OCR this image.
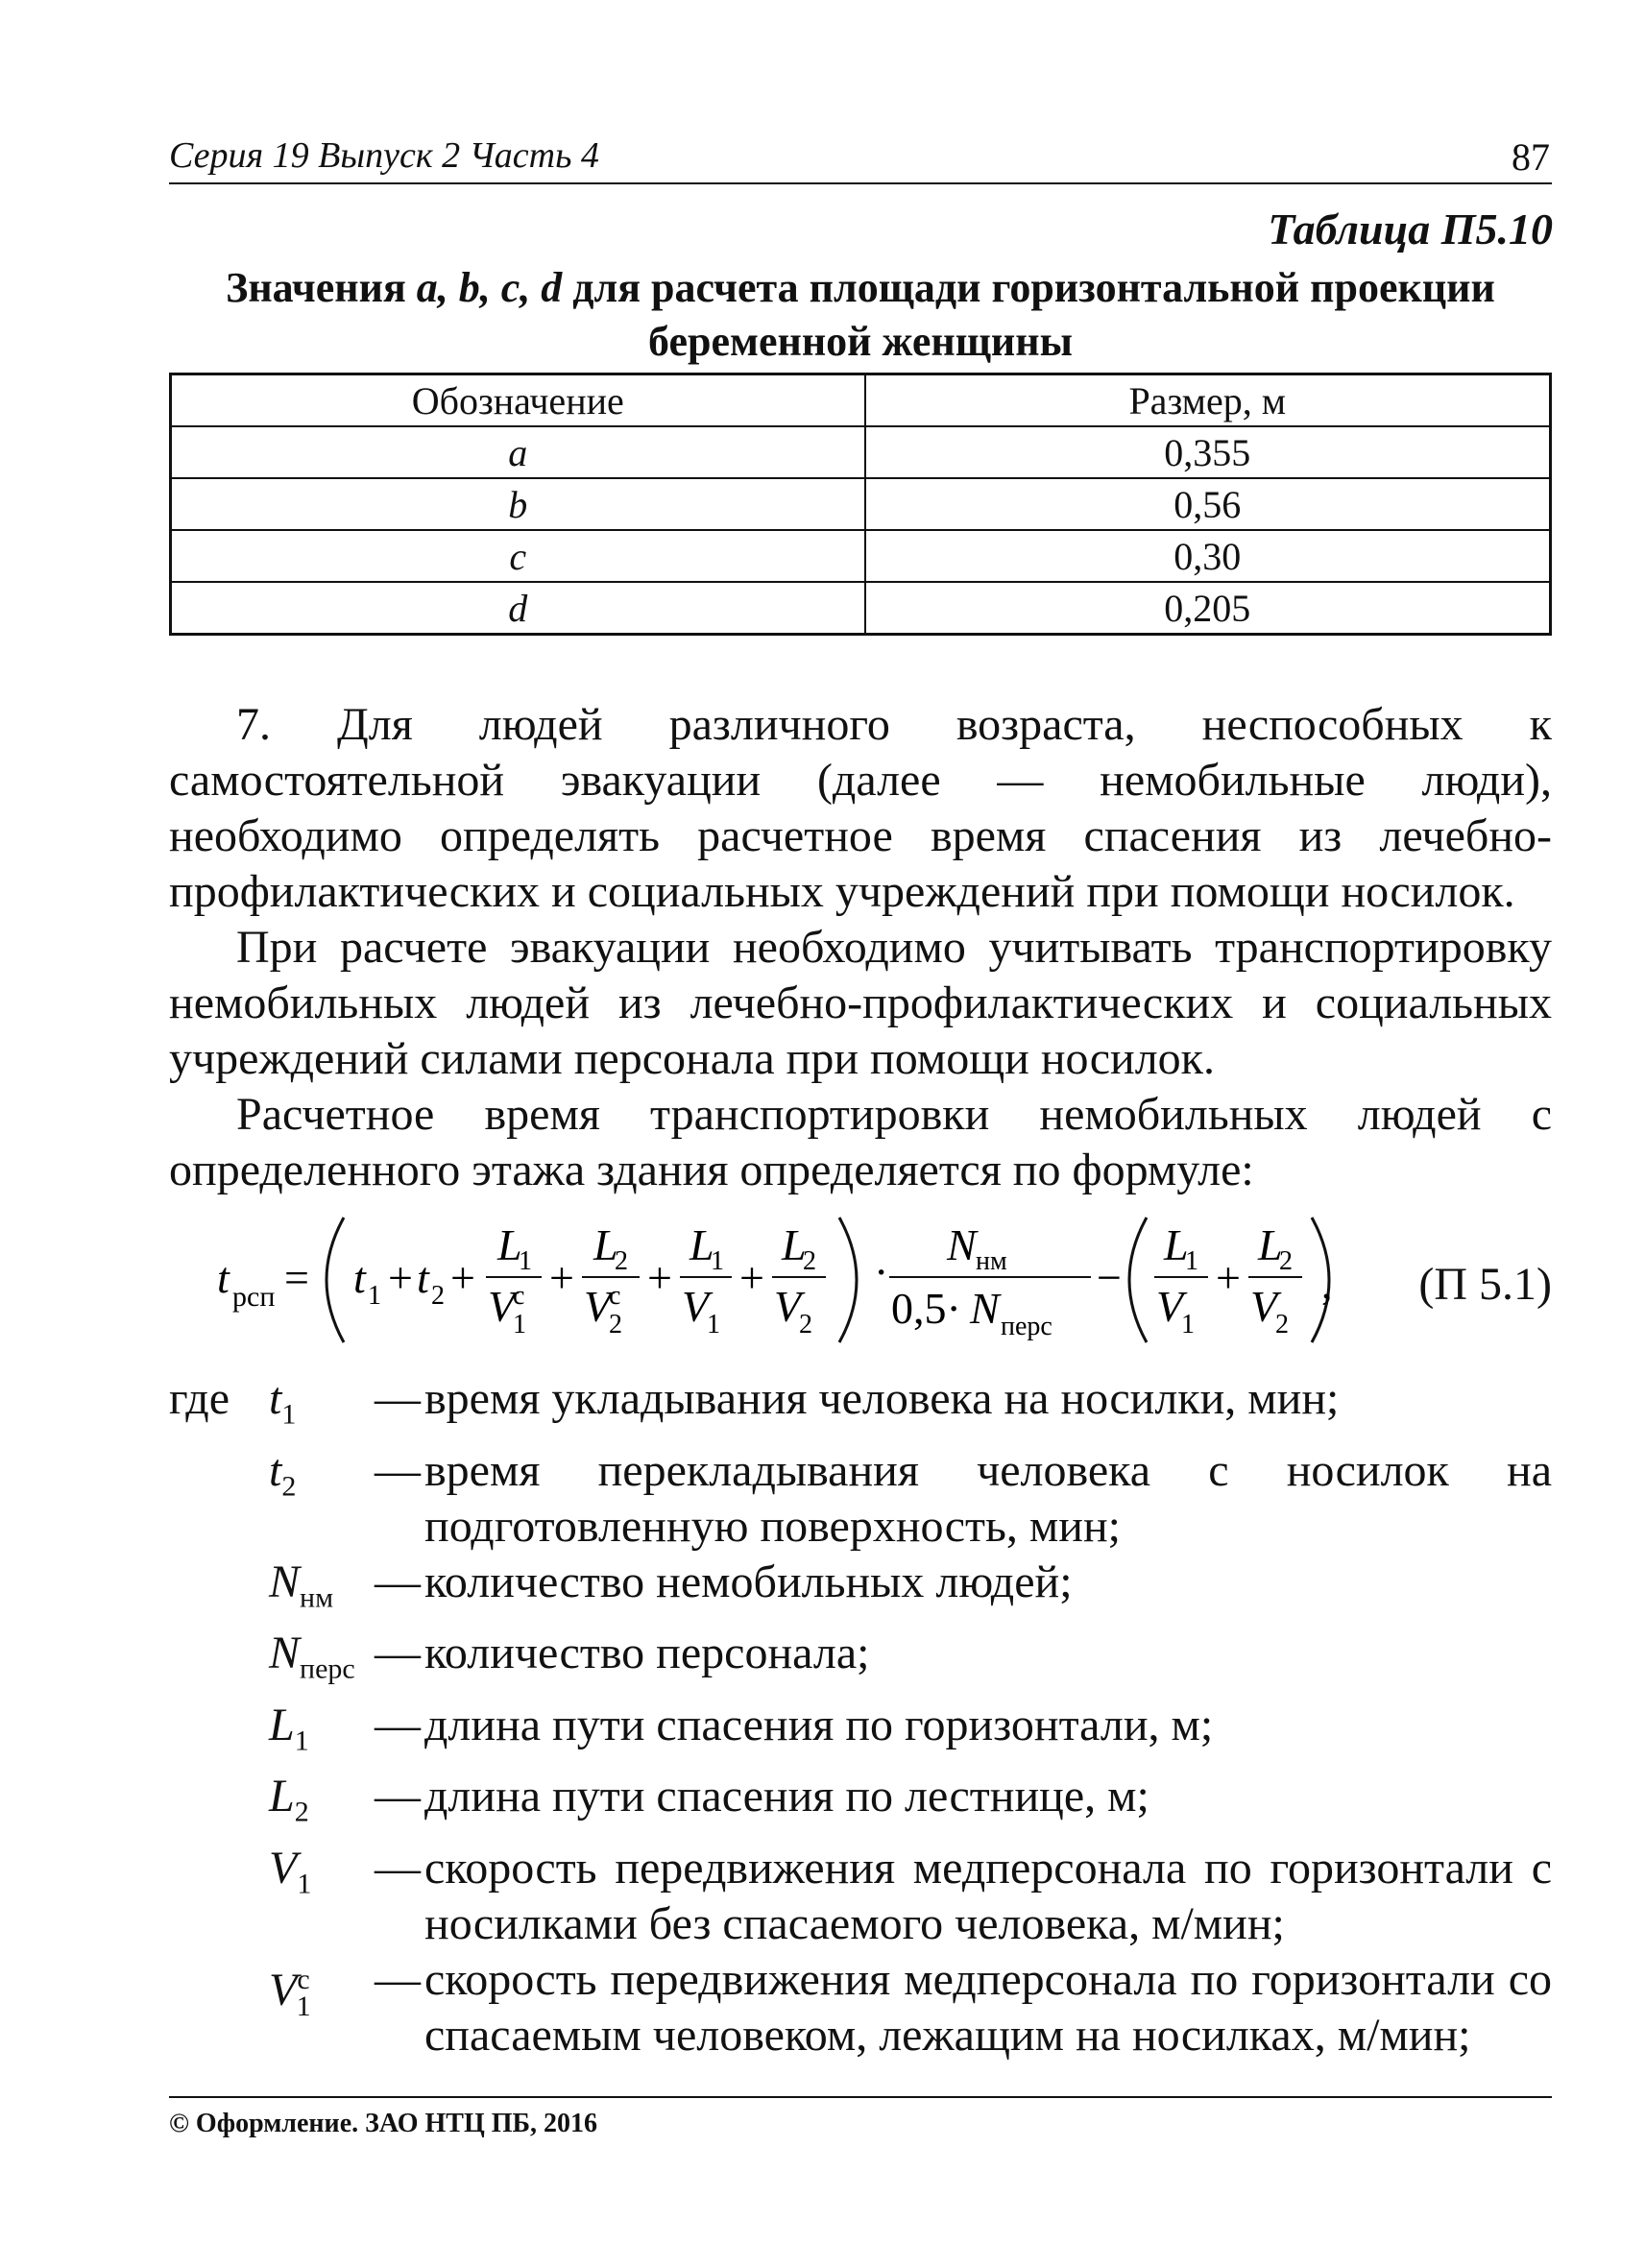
Серия 19 Выпуск 2 Часть 4	87
Таблица П5.10
Значения a, b, c, d для расчета площади горизонтальной проекции беременной женщины
Обозначение	Размер, м
a	0,355
b	0,56
c	0,30
d	0,205

7. Для людей различного возраста, неспособных к самостоятельной эвакуации (далее — немобильные люди), необходимо определять расчетное время спасения из лечебно-профилактических и социальных учреждений при помощи носилок.

При расчете эвакуации необходимо учитывать транспортировку немобильных людей из лечебно-профилактических и социальных учреждений силами персонала при помощи носилок.

Расчетное время транспортировки немобильных людей с определенного этажа здания определяется по формуле:

t рсп = t 1 + t 2 +
L
1
V
1
с +
L
2
V
2
с +
L
1
V
1
+
L
2
V
2
·
N нм
0,5· N перс
−
L
1
V
1
+
L
2
V
2
, (П 5.1)
где $t_1$	— время укладывания человека на носилки, мин;
$t_2$	— время перекладывания человека с носилок на подготовленную поверхность, мин;
$N_{нм}$ — количество немобильных людей;
$N_{перс}$ — количество персонала;
$L_1$	— длина пути спасения по горизонтали, м;
$L_2$	— длина пути спасения по лестнице, м;
$V_1$	— скорость передвижения медперсонала по горизонтали с носилками без спасаемого человека, м/мин;
$V^с_1$
— скорость передвижения медперсонала по горизонтали со спасаемым человеком, лежащим на носилках, м/мин;
© Оформление. ЗАО НТЦ ПБ, 2016
